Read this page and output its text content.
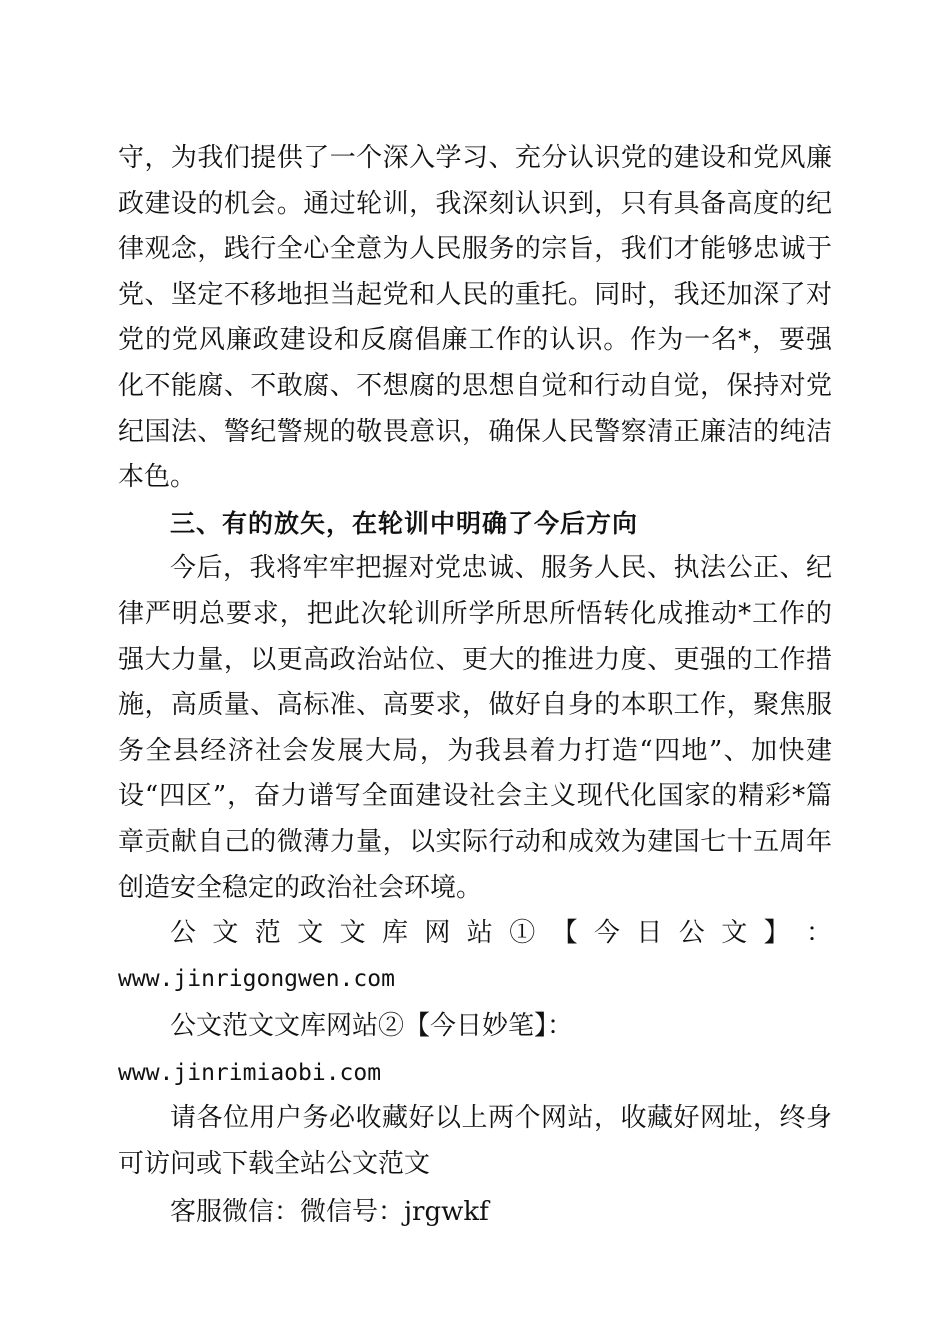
守，为我们提供了一个深入学习、充分认识党的建设和党风廉政建设的机会。通过轮训，我深刻认识到，只有具备高度的纪律观念，践行全心全意为人民服务的宗旨，我们才能够忠诚于党、坚定不移地担当起党和人民的重托。同时，我还加深了对党的党风廉政建设和反腐倡廉工作的认识。作为一名*，要强化不能腐、不敢腐、不想腐的思想自觉和行动自觉，保持对党纪国法、警纪警规的敬畏意识，确保人民警察清正廉洁的纯洁本色。

三、有的放矢，在轮训中明确了今后方向

今后，我将牢牢把握对党忠诚、服务人民、执法公正、纪律严明总要求，把此次轮训所学所思所悟转化成推动*工作的强大力量，以更高政治站位、更大的推进力度、更强的工作措施，高质量、高标准、高要求，做好自身的本职工作，聚焦服务全县经济社会发展大局，为我县着力打造“四地”、加快建设“四区”，奋力谱写全面建设社会主义现代化国家的精彩*篇章贡献自己的微薄力量，以实际行动和成效为建国七十五周年创造安全稳定的政治社会环境。

公 文 范 文 文 库 网 站 ① 【 今 日 公 文 】 ：

www.jinrigongwen.com

公文范文文库网站②【今日妙笔】：www.jinrimiaobi.com

请各位用户务必收藏好以上两个网站，收藏好网址，终身可访问或下载全站公文范文

客服微信：微信号：jrgwkf
